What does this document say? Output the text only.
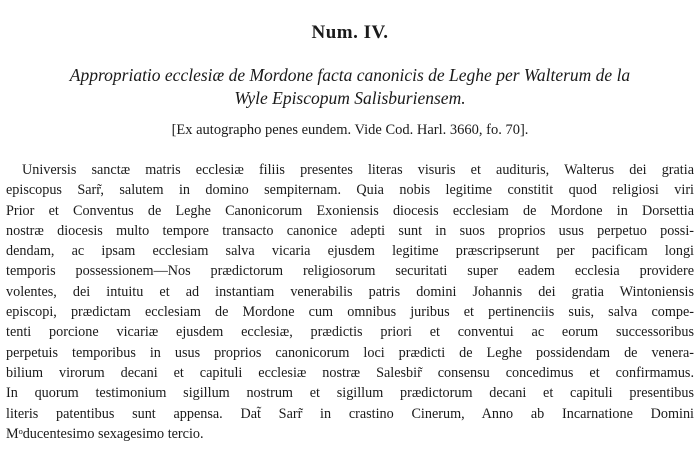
Num. IV.
Appropriatio ecclesiæ de Mordone facta canonicis de Leghe per Walterum de la
Wyle Episcopum Salisburiensem.
[Ex autographo penes eundem. Vide Cod. Harl. 3660, fo. 70].
Universis sanctæ matris ecclesiæ filiis presentes literas visuris et audituris, Walterus dei gratia
episcopus Sarr̃, salutem in domino sempiternam. Quia nobis legitime constitit quod religiosi viri
Prior et Conventus de Leghe Canonicorum Exoniensis diocesis ecclesiam de Mordone in Dorsettia
nostræ diocesis multo tempore transacto canonice adepti sunt in suos proprios usus perpetuo possi-
dendam, ac ipsam ecclesiam salva vicaria ejusdem legitime præscripserunt per pacificam longi
temporis possessionem—Nos prædictorum religiosorum securitati super eadem ecclesia providere
volentes, dei intuitu et ad instantiam venerabilis patris domini Johannis dei gratia Wintoniensis
episcopi, prædictam ecclesiam de Mordone cum omnibus juribus et pertinenciis suis, salva compe-
tenti porcione vicariæ ejusdem ecclesiæ, prædictis priori et conventui ac eorum successoribus
perpetuis temporibus in usus proprios canonicorum loci prædicti de Leghe possidendam de venera-
bilium virorum decani et capituli ecclesiæ nostræ Salesbir̃ consensu concedimus et confirmamus.
In quorum testimonium sigillum nostrum et sigillum prædictorum decani et capituli presentibus
literis patentibus sunt appensa. Dat̃ Sarr̃ in crastino Cinerum, Anno ab Incarnatione Domini
Mᵒducentesimo sexagesimo tercio.
